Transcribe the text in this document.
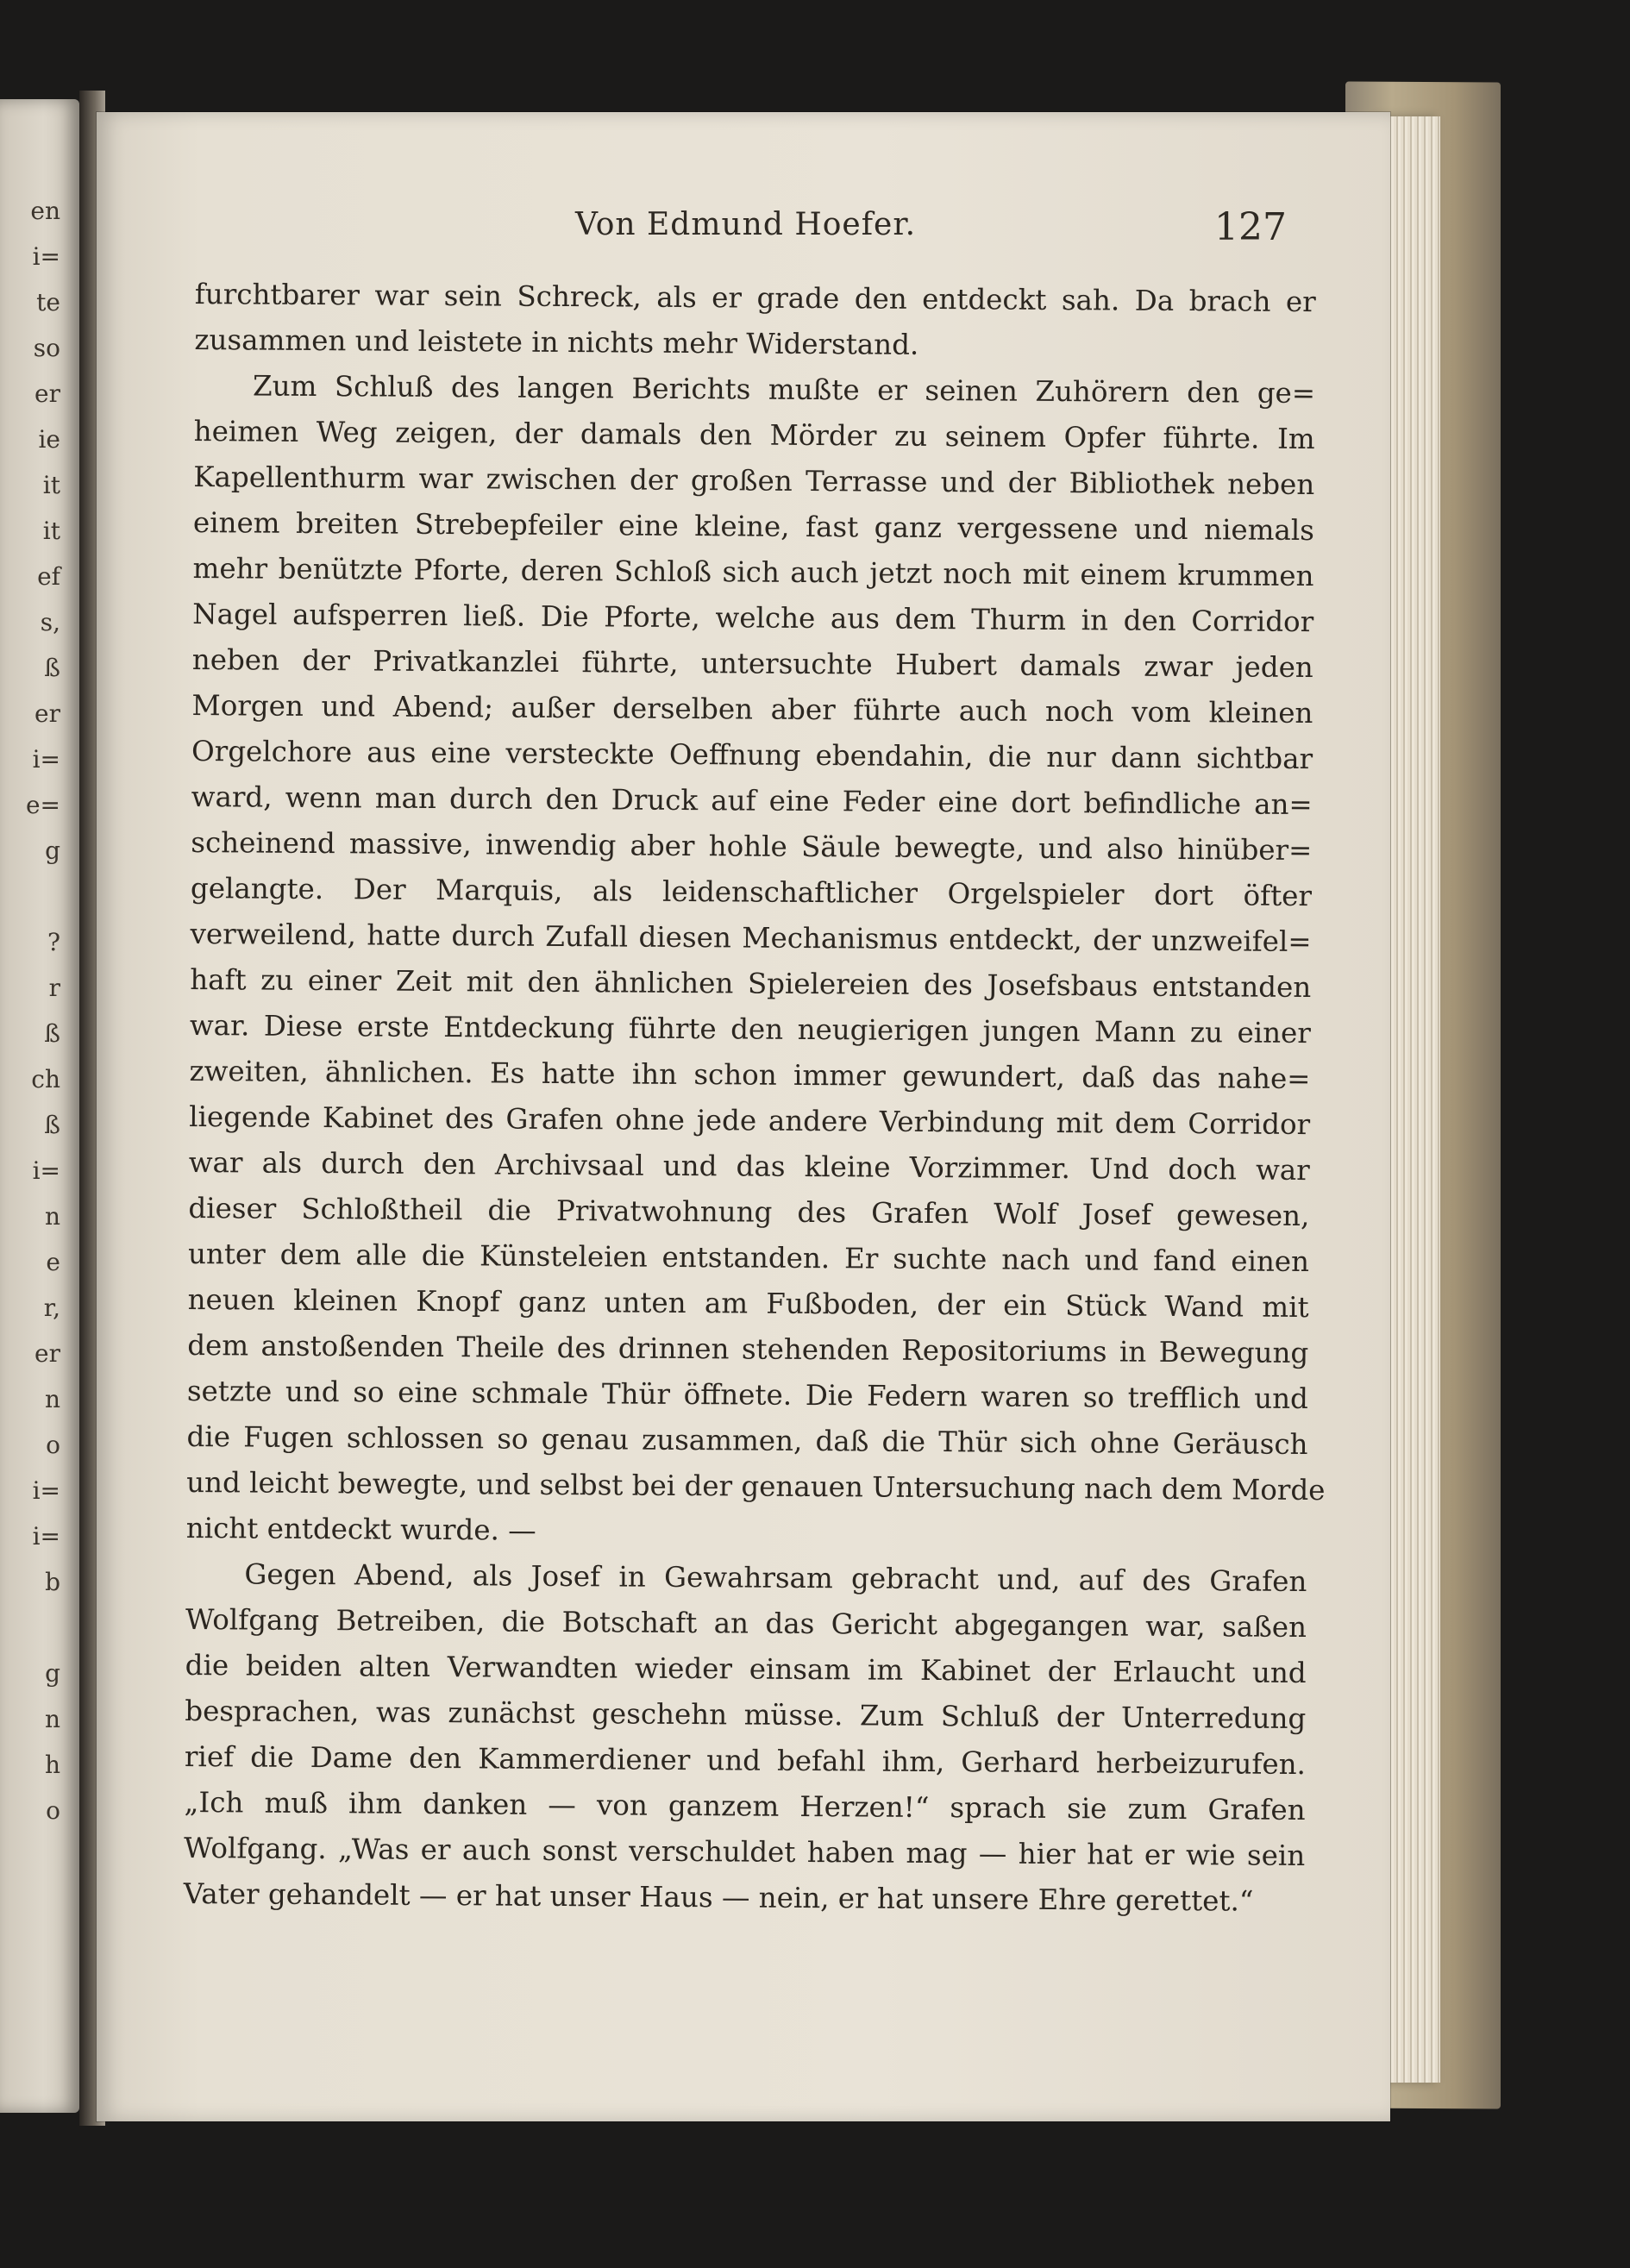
en
i=
te
so
er
ie
it
it
ef
s,
ß
er
i=
e=
g
?
r
ß
ch
ß
i=
n
e
r,
er
n
o
i=
i=
b
g
n
h
o
Von Edmund Hoefer.	127
furchtbarer war sein Schreck, als er grade den entdeckt sah. Da brach er
zusammen und leistete in nichts mehr Widerstand.
Zum Schluß des langen Berichts mußte er seinen Zuhörern den ge=
heimen Weg zeigen, der damals den Mörder zu seinem Opfer führte. Im
Kapellenthurm war zwischen der großen Terrasse und der Bibliothek neben
einem breiten Strebepfeiler eine kleine, fast ganz vergessene und niemals
mehr benützte Pforte, deren Schloß sich auch jetzt noch mit einem krummen
Nagel aufsperren ließ. Die Pforte, welche aus dem Thurm in den Corridor
neben der Privatkanzlei führte, untersuchte Hubert damals zwar jeden
Morgen und Abend; außer derselben aber führte auch noch vom kleinen
Orgelchore aus eine versteckte Oeffnung ebendahin, die nur dann sichtbar
ward, wenn man durch den Druck auf eine Feder eine dort befindliche an=
scheinend massive, inwendig aber hohle Säule bewegte, und also hinüber=
gelangte. Der Marquis, als leidenschaftlicher Orgelspieler dort öfter
verweilend, hatte durch Zufall diesen Mechanismus entdeckt, der unzweifel=
haft zu einer Zeit mit den ähnlichen Spielereien des Josefsbaus entstanden
war. Diese erste Entdeckung führte den neugierigen jungen Mann zu einer
zweiten, ähnlichen. Es hatte ihn schon immer gewundert, daß das nahe=
liegende Kabinet des Grafen ohne jede andere Verbindung mit dem Corridor
war als durch den Archivsaal und das kleine Vorzimmer. Und doch war
dieser Schloßtheil die Privatwohnung des Grafen Wolf Josef gewesen,
unter dem alle die Künsteleien entstanden. Er suchte nach und fand einen
neuen kleinen Knopf ganz unten am Fußboden, der ein Stück Wand mit
dem anstoßenden Theile des drinnen stehenden Repositoriums in Bewegung
setzte und so eine schmale Thür öffnete. Die Federn waren so trefflich und
die Fugen schlossen so genau zusammen, daß die Thür sich ohne Geräusch
und leicht bewegte, und selbst bei der genauen Untersuchung nach dem Morde
nicht entdeckt wurde. —
Gegen Abend, als Josef in Gewahrsam gebracht und, auf des Grafen
Wolfgang Betreiben, die Botschaft an das Gericht abgegangen war, saßen
die beiden alten Verwandten wieder einsam im Kabinet der Erlaucht und
besprachen, was zunächst geschehn müsse. Zum Schluß der Unterredung
rief die Dame den Kammerdiener und befahl ihm, Gerhard herbeizurufen.
„Ich muß ihm danken — von ganzem Herzen!“ sprach sie zum Grafen
Wolfgang. „Was er auch sonst verschuldet haben mag — hier hat er wie sein
Vater gehandelt — er hat unser Haus — nein, er hat unsere Ehre gerettet.“
